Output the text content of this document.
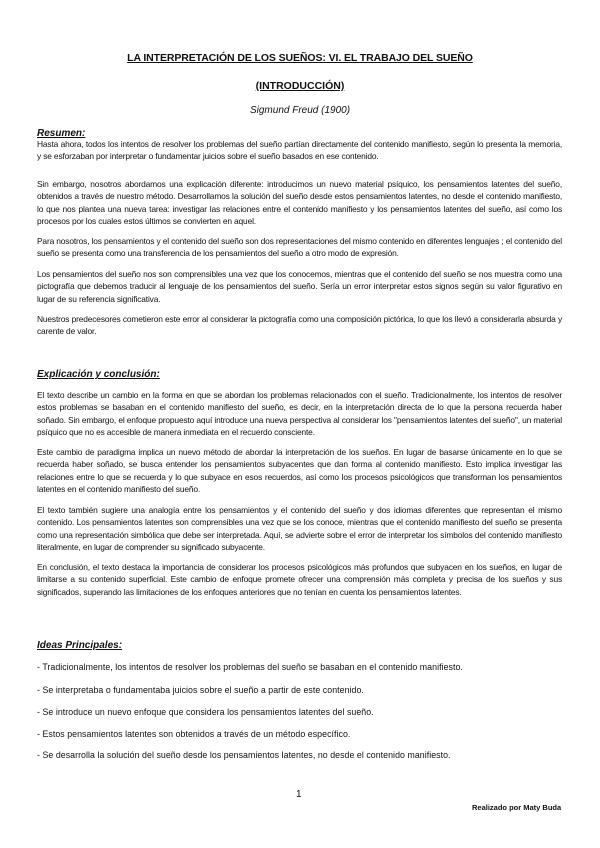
LA INTERPRETACIÓN DE LOS SUEÑOS: VI. EL TRABAJO DEL SUEÑO
(INTRODUCCIÓN)
Sigmund Freud (1900)
Resumen:

Hasta ahora, todos los intentos de resolver los problemas del sueño partían directamente del contenido manifiesto, según lo presenta la memoria, y se esforzaban por interpretar o fundamentar juicios sobre el sueño basados en ese contenido.

Sin embargo, nosotros abordamos una explicación diferente: introducimos un nuevo material psíquico, los pensamientos latentes del sueño, obtenidos a través de nuestro método. Desarrollamos la solución del sueño desde estos pensamientos latentes, no desde el contenido manifiesto, lo que nos plantea una nueva tarea: investigar las relaciones entre el contenido manifiesto y los pensamientos latentes del sueño, así como los procesos por los cuales estos últimos se convierten en aquel.

Para nosotros, los pensamientos y el contenido del sueño son dos representaciones del mismo contenido en diferentes lenguajes ; el contenido del sueño se presenta como una transferencia de los pensamientos del sueño a otro modo de expresión.

Los pensamientos del sueño nos son comprensibles una vez que los conocemos, mientras que el contenido del sueño se nos muestra como una pictografía que debemos traducir al lenguaje de los pensamientos del sueño. Sería un error interpretar estos signos según su valor figurativo en lugar de su referencia significativa.

Nuestros predecesores cometieron este error al considerar la pictografía como una composición pictórica, lo que los llevó a considerarla absurda y carente de valor.

Explicación y conclusión:

El texto describe un cambio en la forma en que se abordan los problemas relacionados con el sueño. Tradicionalmente, los intentos de resolver estos problemas se basaban en el contenido manifiesto del sueño, es decir, en la interpretación directa de lo que la persona recuerda haber soñado. Sin embargo, el enfoque propuesto aquí introduce una nueva perspectiva al considerar los "pensamientos latentes del sueño", un material psíquico que no es accesible de manera inmediata en el recuerdo consciente.

Este cambio de paradigma implica un nuevo método de abordar la interpretación de los sueños. En lugar de basarse únicamente en lo que se recuerda haber soñado, se busca entender los pensamientos subyacentes que dan forma al contenido manifiesto. Esto implica investigar las relaciones entre lo que se recuerda y lo que subyace en esos recuerdos, así como los procesos psicológicos que transforman los pensamientos latentes en el contenido manifiesto del sueño.

El texto también sugiere una analogía entre los pensamientos y el contenido del sueño y dos idiomas diferentes que representan el mismo contenido. Los pensamientos latentes son comprensibles una vez que se los conoce, mientras que el contenido manifiesto del sueño se presenta como una representación simbólica que debe ser interpretada. Aquí, se advierte sobre el error de interpretar los símbolos del contenido manifiesto literalmente, en lugar de comprender su significado subyacente.

En conclusión, el texto destaca la importancia de considerar los procesos psicológicos más profundos que subyacen en los sueños, en lugar de limitarse a su contenido superficial. Este cambio de enfoque promete ofrecer una comprensión más completa y precisa de los sueños y sus significados, superando las limitaciones de los enfoques anteriores que no tenían en cuenta los pensamientos latentes.

Ideas Principales:
- Tradicionalmente, los intentos de resolver los problemas del sueño se basaban en el contenido manifiesto.
- Se interpretaba o fundamentaba juicios sobre el sueño a partir de este contenido.
- Se introduce un nuevo enfoque que considera los pensamientos latentes del sueño.
- Estos pensamientos latentes son obtenidos a través de un método específico.
- Se desarrolla la solución del sueño desde los pensamientos latentes, no desde el contenido manifiesto.
1
Realizado por Maty Buda
